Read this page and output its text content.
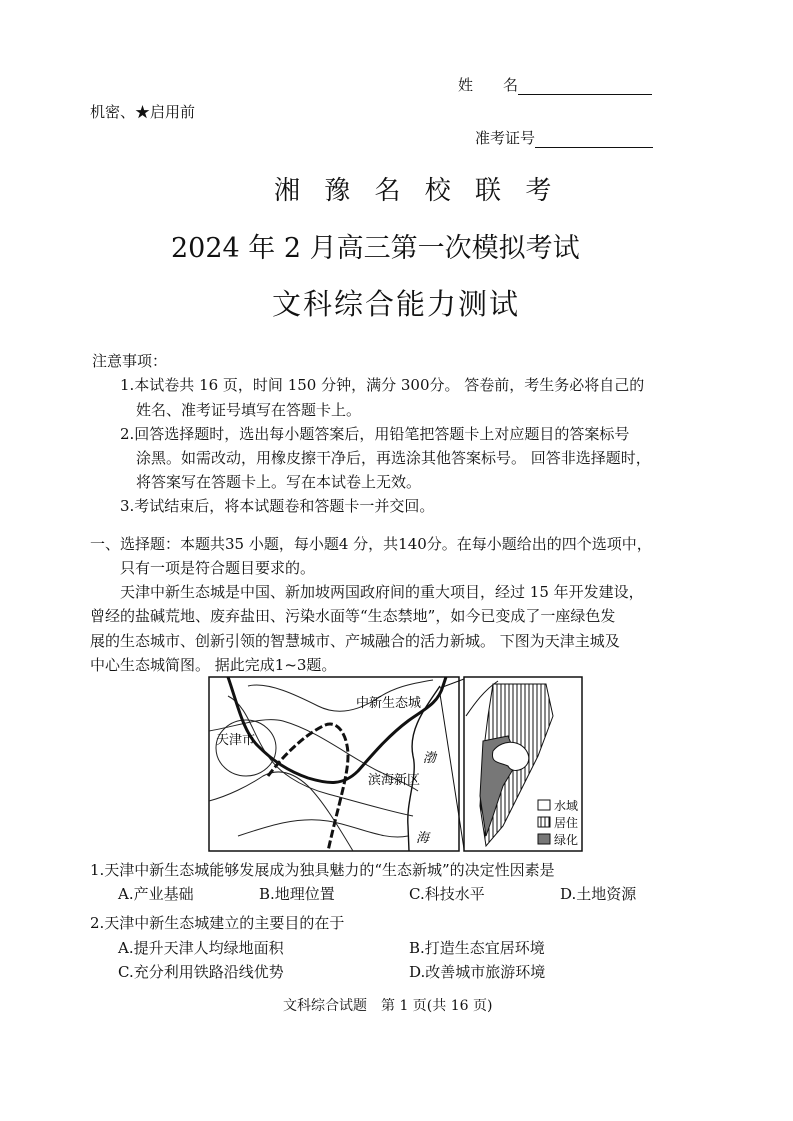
姓　　名
机密、★启用前
准考证号
湘 豫 名 校 联 考
2024 年 2 月高三第一次模拟考试
文科综合能力测试
注意事项：
1.本试卷共 16 页，时间 150 分钟，满分 300分。 答卷前，考生务必将自己的
姓名、准考证号填写在答题卡上。
2.回答选择题时，选出每小题答案后，用铅笔把答题卡上对应题目的答案标号
涂黑。如需改动，用橡皮擦干净后，再选涂其他答案标号。 回答非选择题时，
将答案写在答题卡上。写在本试卷上无效。
3.考试结束后，将本试题卷和答题卡一并交回。
一、选择题：本题共35 小题，每小题4 分，共140分。在每小题给出的四个选项中，
只有一项是符合题目要求的。
天津中新生态城是中国、新加坡两国政府间的重大项目，经过 15 年开发建设，
曾经的盐碱荒地、废弃盐田、污染水面等“生态禁地”，如今已变成了一座绿色发
展的生态城市、创新引领的智慧城市、产城融合的活力新城。 下图为天津主城及
中心生态城简图。 据此完成1~3题。
中新生态城
天津市
滨海新区
渤
海
水域
居住
绿化
1.天津中新生态城能够发展成为独具魅力的“生态新城”的决定性因素是
A.产业基础	B.地理位置	C.科技水平	D.土地资源
2.天津中新生态城建立的主要目的在于
A.提升天津人均绿地面积	B.打造生态宜居环境
C.充分利用铁路沿线优势	D.改善城市旅游环境
文科综合试题　第 1 页(共 16 页)
